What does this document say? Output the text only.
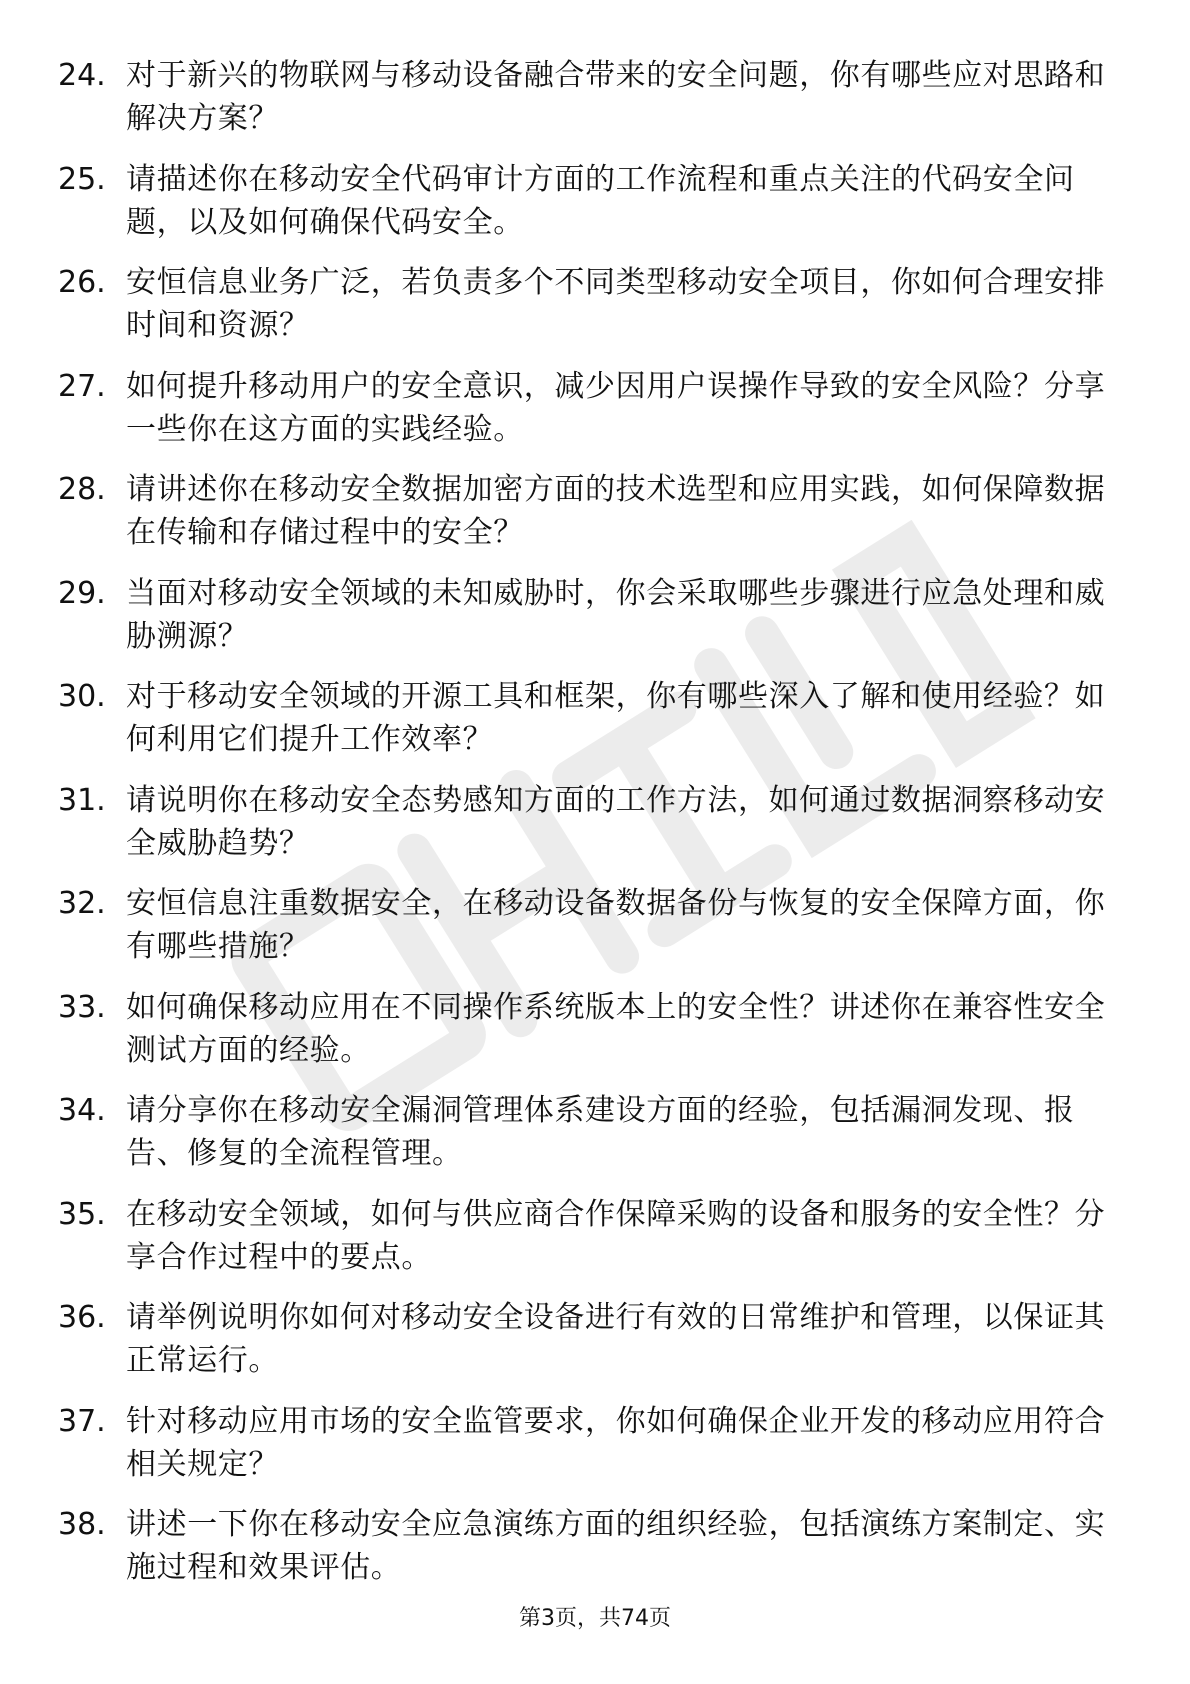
24. 对于新兴的物联网与移动设备融合带来的安全问题，你有哪些应对思路和解决方案？
25. 请描述你在移动安全代码审计方面的工作流程和重点关注的代码安全问题，以及如何确保代码安全。
26. 安恒信息业务广泛，若负责多个不同类型移动安全项目，你如何合理安排时间和资源？
27. 如何提升移动用户的安全意识，减少因用户误操作导致的安全风险？分享一些你在这方面的实践经验。
28. 请讲述你在移动安全数据加密方面的技术选型和应用实践，如何保障数据在传输和存储过程中的安全？
29. 当面对移动安全领域的未知威胁时，你会采取哪些步骤进行应急处理和威胁溯源？
30. 对于移动安全领域的开源工具和框架，你有哪些深入了解和使用经验？如何利用它们提升工作效率？
31. 请说明你在移动安全态势感知方面的工作方法，如何通过数据洞察移动安全威胁趋势？
32. 安恒信息注重数据安全，在移动设备数据备份与恢复的安全保障方面，你有哪些措施？
33. 如何确保移动应用在不同操作系统版本上的安全性？讲述你在兼容性安全测试方面的经验。
34. 请分享你在移动安全漏洞管理体系建设方面的经验，包括漏洞发现、报告、修复的全流程管理。
35. 在移动安全领域，如何与供应商合作保障采购的设备和服务的安全性？分享合作过程中的要点。
36. 请举例说明你如何对移动安全设备进行有效的日常维护和管理，以保证其正常运行。
37. 针对移动应用市场的安全监管要求，你如何确保企业开发的移动应用符合相关规定？
38. 讲述一下你在移动安全应急演练方面的组织经验，包括演练方案制定、实施过程和效果评估。
第3页，共74页
